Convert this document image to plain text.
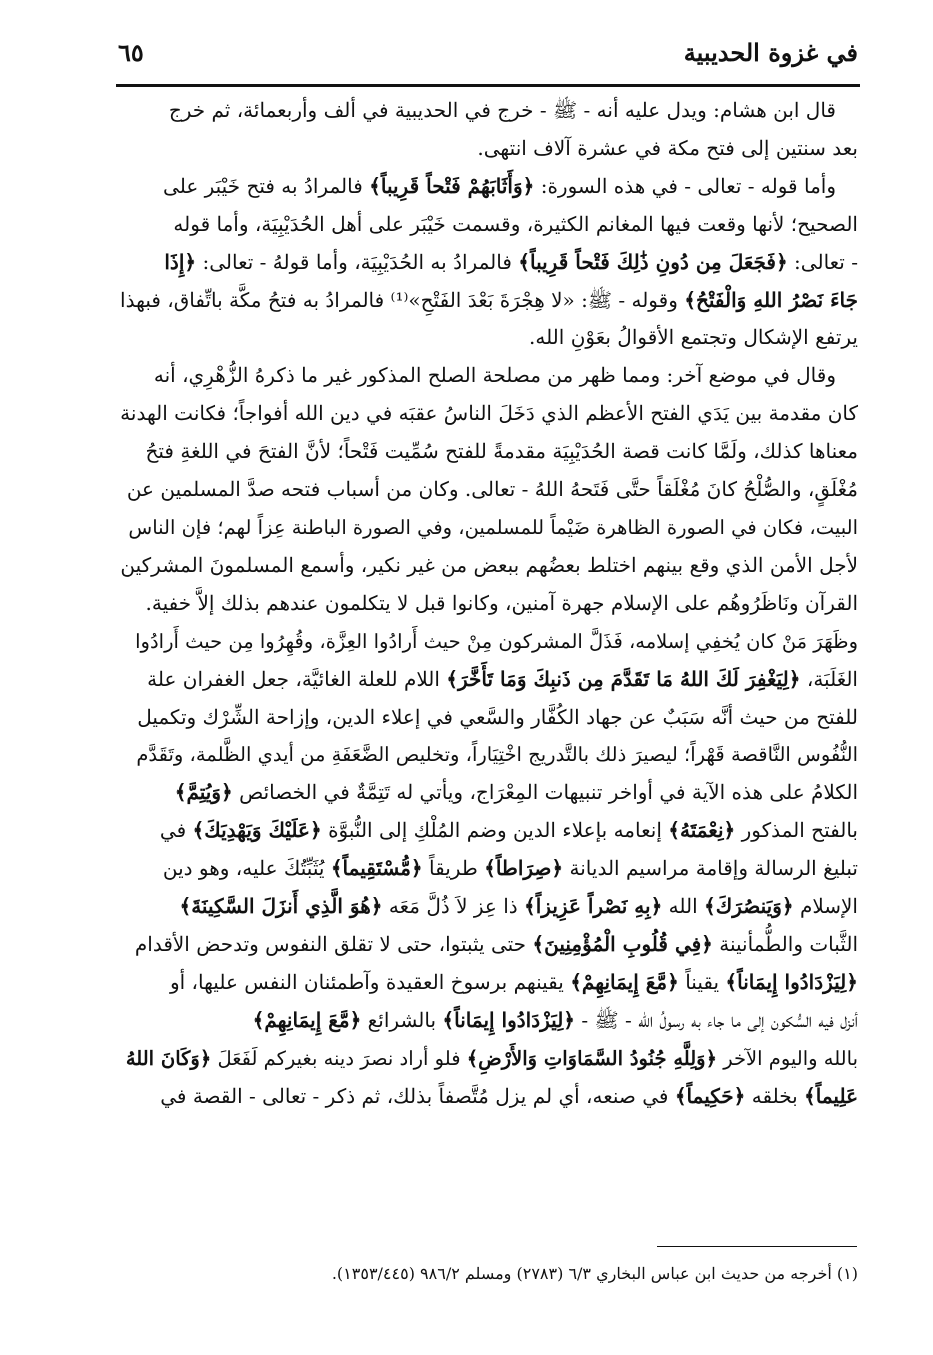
في غزوة الحديبية
٦٥

قال ابن هشام: ويدل عليه أنه - ﷺ - خرج في الحديبية في ألف وأربعمائة، ثم خرج

بعد سنتين إلى فتح مكة في عشرة آلاف انتهى.

وأما قوله - تعالى - في هذه السورة: ﴿وَأَثَابَهُمْ فَتْحاً قَرِيباً﴾ فالمرادُ به فتح خَيْبَر على

الصحيح؛ لأنها وقعت فيها المغانم الكثيرة، وقسمت خَيْبَر على أهل الحُدَيْبِيَة، وأما قوله

- تعالى: ﴿فَجَعَلَ مِن دُونِ ذَٰلِكَ فَتْحاً قَرِيباً﴾ فالمرادُ به الحُدَيْبِيَة، وأما قولهُ - تعالى: ﴿إِذَا

جَاءَ نَصْرُ اللهِ وَالْفَتْحُ﴾ وقوله - ﷺ: «لا هِجْرَةَ بَعْدَ الفَتْحِ»⁽¹⁾ فالمرادُ به فتحُ مكَّة باتِّفاق، فبهذا

يرتفع الإشكال وتجتمع الأقوالُ بعَوْنِ الله.

وقال في موضع آخر: ومما ظهر من مصلحة الصلح المذكور غير ما ذكرهُ الزُّهْرِي، أنه

كان مقدمة بين يَدَي الفتح الأعظم الذي دَخَلَ الناسُ عقبَه في دين الله أفواجاً؛ فكانت الهدنة

معناها كذلك، ولَمَّا كانت قصة الحُدَيْبِيَة مقدمةً للفتح سُمِّيت فَتْحاً؛ لأنَّ الفتحَ في اللغةِ فتحُ

مُغْلَقٍ، والصُّلْحُ كانَ مُغْلَقاً حتَّى فَتَحهُ اللهُ - تعالى. وكان من أسباب فتحه صدَّ المسلمين عن

البيت، فكان في الصورة الظاهرة ضَيْماً للمسلمين، وفي الصورة الباطنة عِزاً لهم؛ فإن الناس

لأجل الأمن الذي وقع بينهم اختلط بعضُهم ببعض من غير نكير، وأسمع المسلمونَ المشركين

القرآن ونَاظَرُوهُم على الإسلام جهرة آمنين، وكانوا قبل لا يتكلمون عندهم بذلك إلاَّ خفية.

وظَهَرَ مَنْ كان يُخفِي إسلامه، فَذَلَّ المشركون مِنْ حيث أَرادُوا العِزَّة، وقُهِرُوا مِن حيث أَرادُوا

الغَلَبَة، ﴿لِيَغْفِرَ لَكَ اللهُ مَا تَقَدَّمَ مِن ذَنبِكَ وَمَا تَأَخَّرَ﴾ اللام للعلة الغائيَّة، جعل الغفران علة

للفتح من حيث أنَّه سَبَبٌ عن جهاد الكُفَّار والسَّعي في إعلاء الدين، وإزاحة الشِّرْك وتكميل

النُّفُوس النَّاقصة قَهْراً؛ ليصيرَ ذلك بالتَّدريج اخْتِيَاراً، وتخليص الضَّعَفَةِ من أيدي الظَّلمة، وتَقَدَّم

الكلامُ على هذه الآية في أواخر تنبيهات المِعْرَاج، ويأتي له تَتِمَّةٌ في الخصائص ﴿وَيُتِمَّ﴾

بالفتح المذكور ﴿نِعْمَتَهُ﴾ إنعامه بإعلاء الدين وضم المُلْكِ إلى النُّبوَّة ﴿عَلَيْكَ وَيَهْدِيَكَ﴾ في

تبليغ الرسالة وإقامة مراسيم الديانة ﴿صِرَاطاً﴾ طريقاً ﴿مُّسْتَقِيماً﴾ يُثَبِّتُكَ عليه، وهو دين

الإسلام ﴿وَيَنصُرَكَ﴾ الله ﴿بِهِ نَصْراً عَزِيزاً﴾ ذا عِز لاَ ذُلَّ مَعَه ﴿هُوَ الَّذِي أَنزَلَ السَّكِينَةَ﴾

الثَّبات والطُّمأنينة ﴿فِي قُلُوبِ الْمُؤْمِنِينَ﴾ حتى يثبتوا، حتى لا تقلق النفوس وتدحض الأقدام

﴿لِيَزْدَادُوا إِيمَاناً﴾ يقيناً ﴿مَّعَ إِيمَانِهِمْ﴾ يقينهم برسوخ العقيدة وآطمئنان النفس عليها، أو

أنزل فيه السُّكون إلى ما جاء به رسولُ الله - ﷺ - ﴿لِيَزْدَادُوا إِيمَاناً﴾ بالشرائع ﴿مَّعَ إِيمَانِهِمْ﴾

بالله واليوم الآخر ﴿وَلِلَّهِ جُنُودُ السَّمَاوَاتِ وَالأَرْضِ﴾ فلو أراد نصرَ دينه بغيركم لَفَعَلَ ﴿وَكَانَ اللهُ

عَلِيماً﴾ بخلقه ﴿حَكِيماً﴾ في صنعه، أي لم يزل مُتَّصفاً بذلك، ثم ذكر - تعالى - القصة في

(١) أخرجه من حديث ابن عباس البخاري ٦/٣ (٢٧٨٣) ومسلم ٩٨٦/٢ (١٣٥٣/٤٤٥).
